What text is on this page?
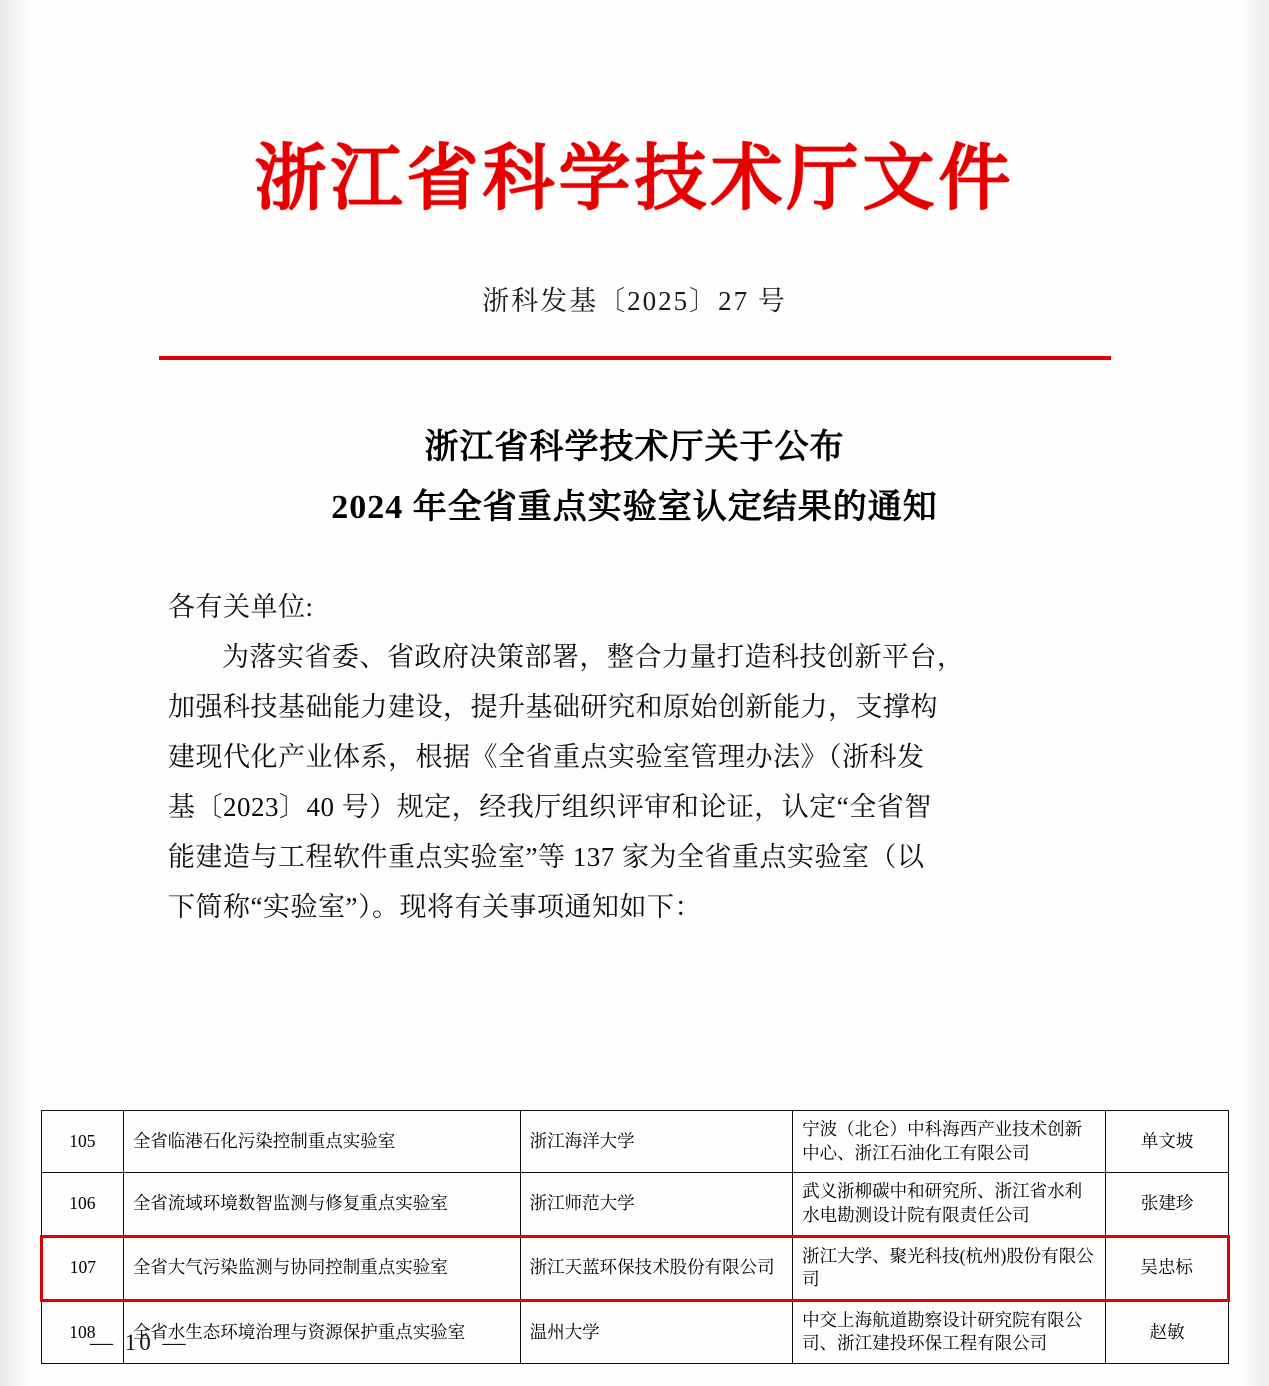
浙江省科学技术厅文件
浙科发基〔2025〕27 号
浙江省科学技术厅关于公布
2024 年全省重点实验室认定结果的通知

各有关单位:

为落实省委、省政府决策部署，整合力量打造科技创新平台，

加强科技基础能力建设，提升基础研究和原始创新能力，支撑构

建现代化产业体系，根据《全省重点实验室管理办法》（浙科发

基〔2023〕40 号）规定，经我厅组织评审和论证，认定“全省智

能建造与工程软件重点实验室”等 137 家为全省重点实验室（以

下简称“实验室”）。现将有关事项通知如下：

105	全省临港石化污染控制重点实验室	浙江海洋大学	宁波（北仑）中科海西产业技术创新中心、浙江石油化工有限公司	单文坡
106	全省流域环境数智监测与修复重点实验室	浙江师范大学	武义浙柳碳中和研究所、浙江省水利水电勘测设计院有限责任公司	张建珍
107	全省大气污染监测与协同控制重点实验室	浙江天蓝环保技术股份有限公司	浙江大学、聚光科技(杭州)股份有限公司	吴忠标
108	全省水生态环境治理与资源保护重点实验室	温州大学	中交上海航道勘察设计研究院有限公司、浙江建投环保工程有限公司	赵敏
— 10 —
